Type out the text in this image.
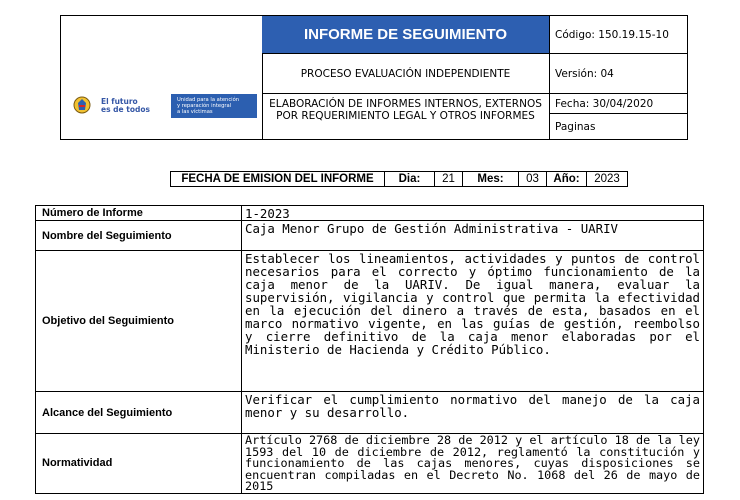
El futuro
es de todos
Unidad para la atención
y reparación integral
a las víctimas
INFORME DE SEGUIMIENTO
PROCESO EVALUACIÓN INDEPENDIENTE
ELABORACIÓN DE INFORMES INTERNOS, EXTERNOS POR REQUERIMIENTO LEGAL Y OTROS INFORMES
Código: 150.19.15-10
Versión: 04
Fecha: 30/04/2020
Paginas
FECHA DE EMISION DEL INFORME	Dia:	21	Mes:	03	Año:	2023
Número de Informe	1-2023
Nombre del Seguimiento	Caja Menor Grupo de Gestión Administrativa - UARIV
Objetivo del Seguimiento	Establecer los lineamientos, actividades y puntos de control necesarios para el correcto y óptimo funcionamiento de la caja menor de la UARIV. De igual manera, evaluar la supervisión, vigilancia y control que permita la efectividad en la ejecución del dinero a través de esta, basados en el marco normativo vigente, en las guías de gestión, reembolso y cierre definitivo de la caja menor elaboradas por el Ministerio de Hacienda y Crédito Público.
Alcance del Seguimiento	Verificar el cumplimiento normativo del manejo de la caja menor y su desarrollo.
Normatividad	Artículo 2768 de diciembre 28 de 2012 y el artículo 18 de la ley 1593 del 10 de diciembre de 2012, reglamentó la constitución y funcionamiento de las cajas menores, cuyas disposiciones se encuentran compiladas en el Decreto No. 1068 del 26 de mayo de 2015
